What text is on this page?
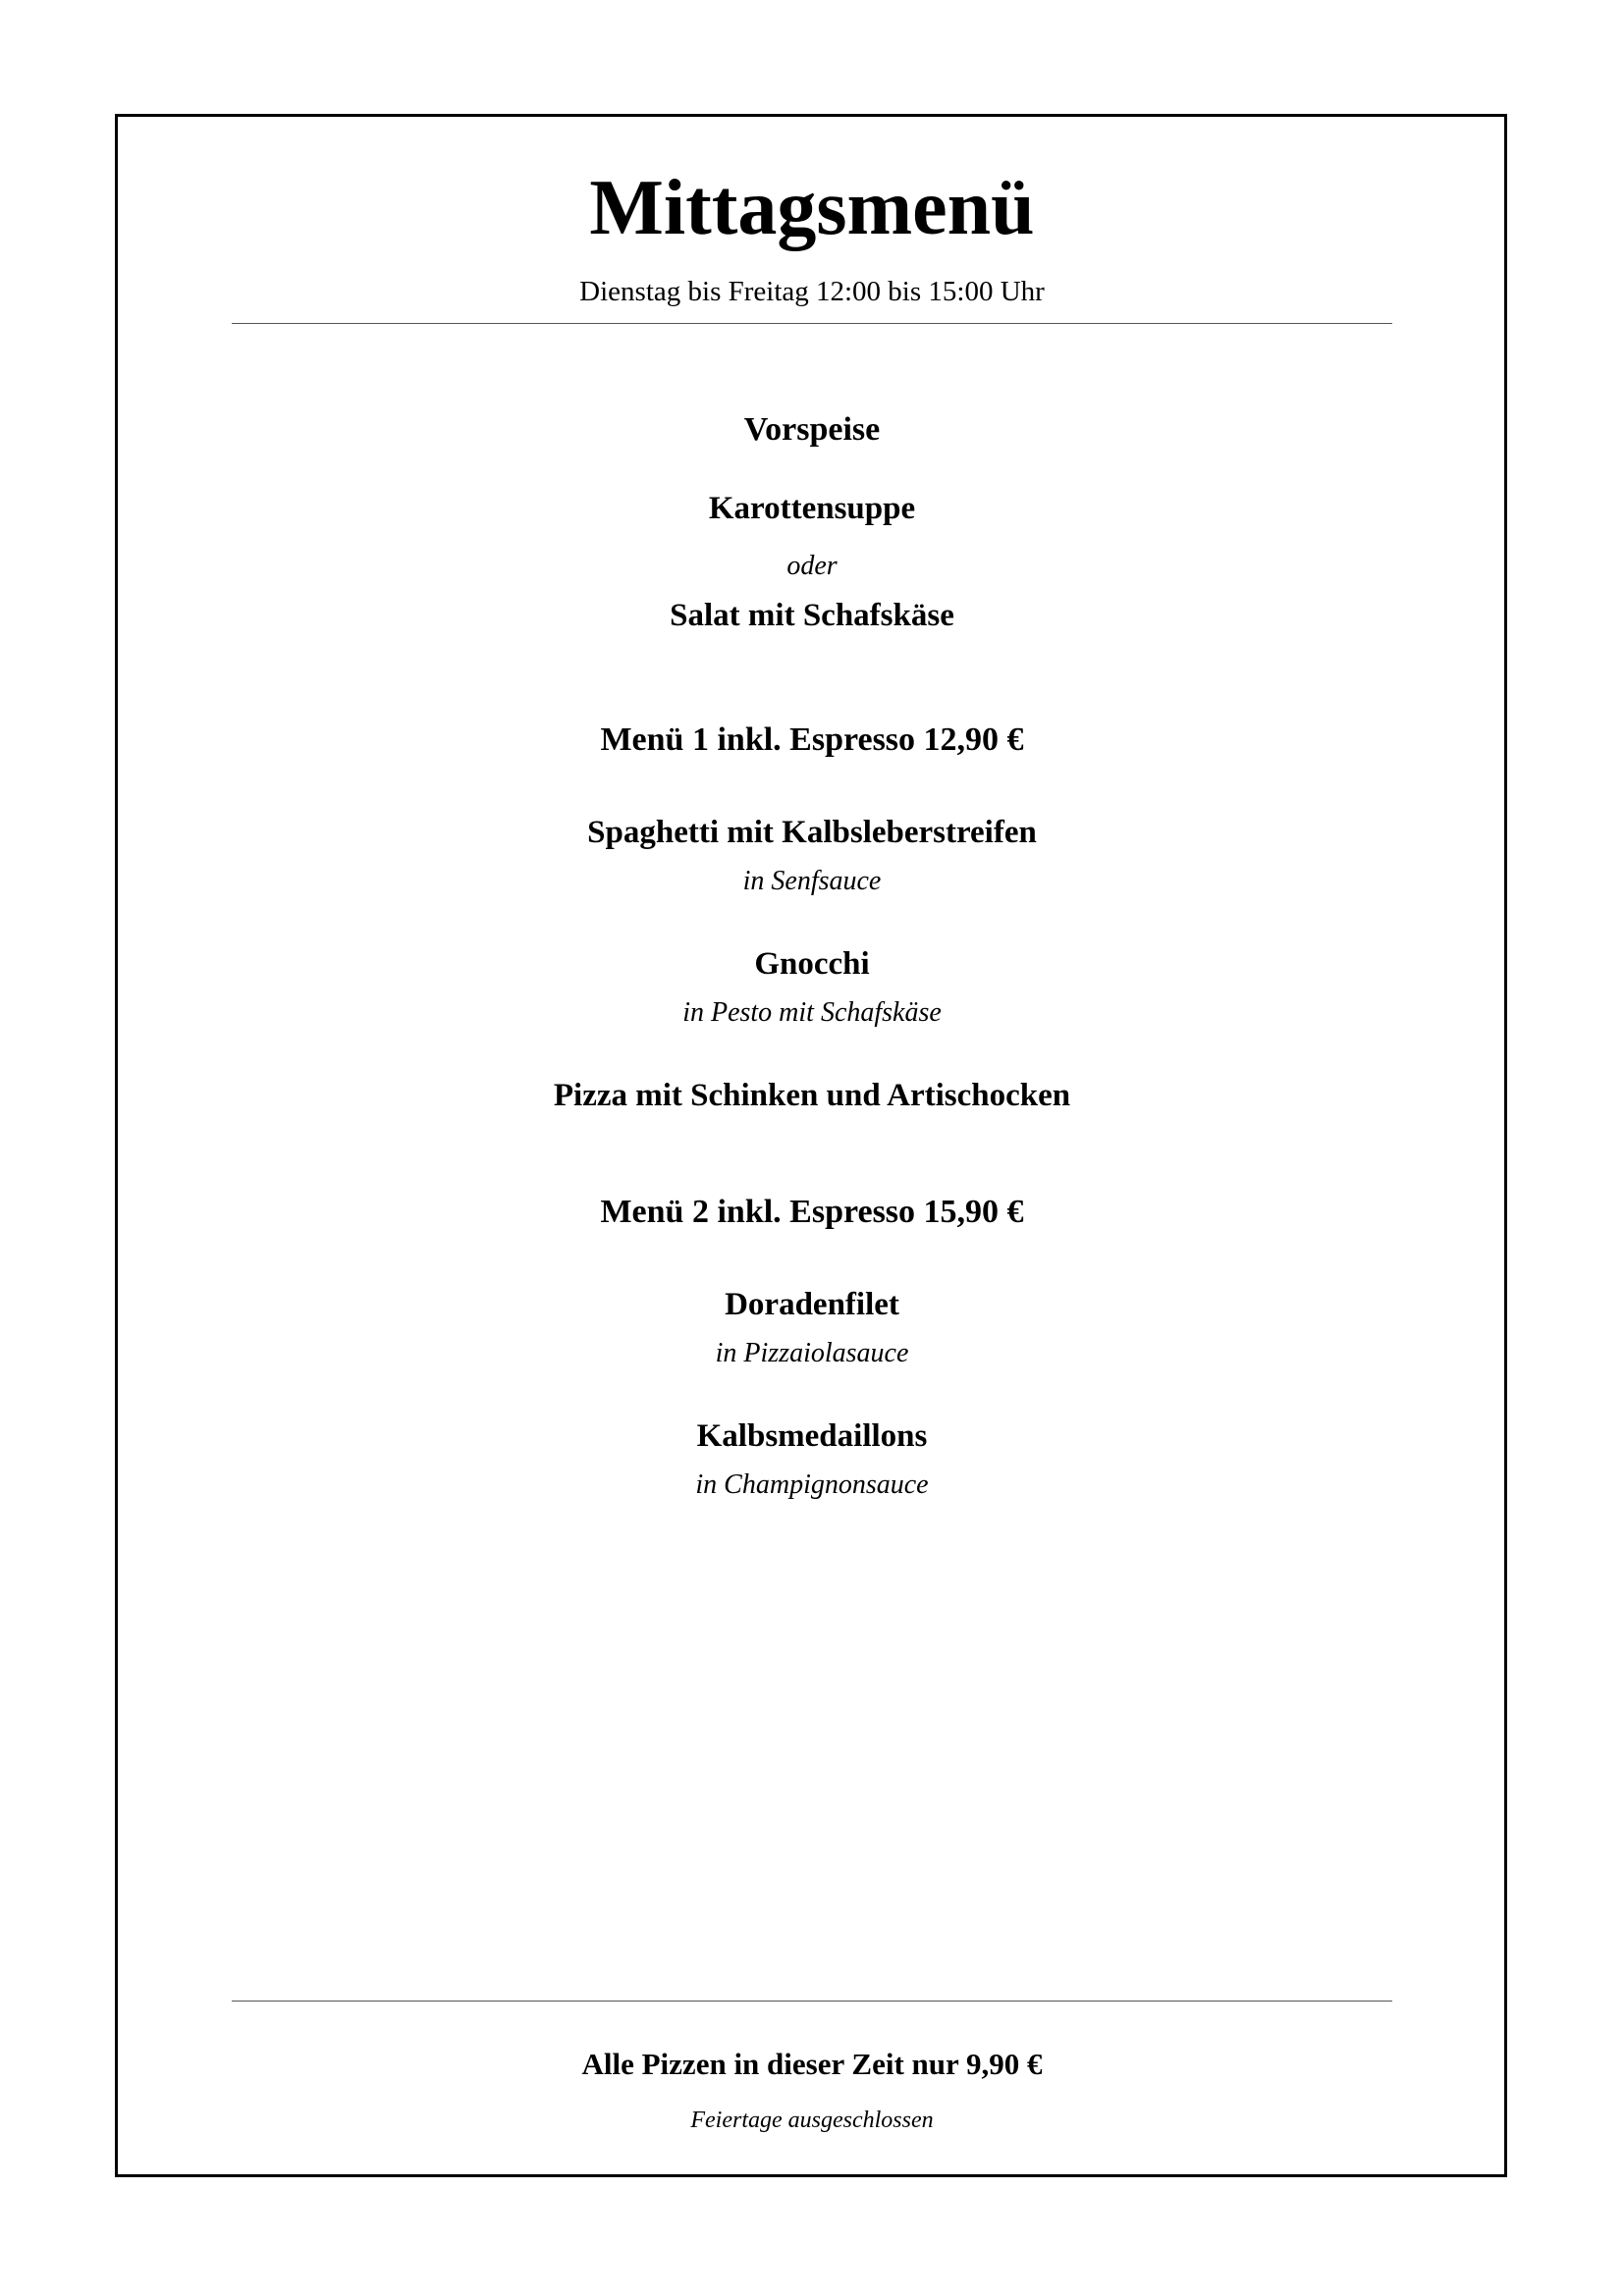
Mittagsmenü
Dienstag bis Freitag 12:00 bis 15:00 Uhr
Vorspeise
Karottensuppe
oder
Salat mit Schafskäse
Menü 1 inkl. Espresso 12,90 €
Spaghetti mit Kalbsleberstreifen
in Senfsauce
Gnocchi
in Pesto mit Schafskäse
Pizza mit Schinken und Artischocken
Menü 2 inkl. Espresso 15,90 €
Doradenfilet
in Pizzaiolasauce
Kalbsmedaillons
in Champignonsauce
Alle Pizzen in dieser Zeit nur 9,90 €
Feiertage ausgeschlossen
